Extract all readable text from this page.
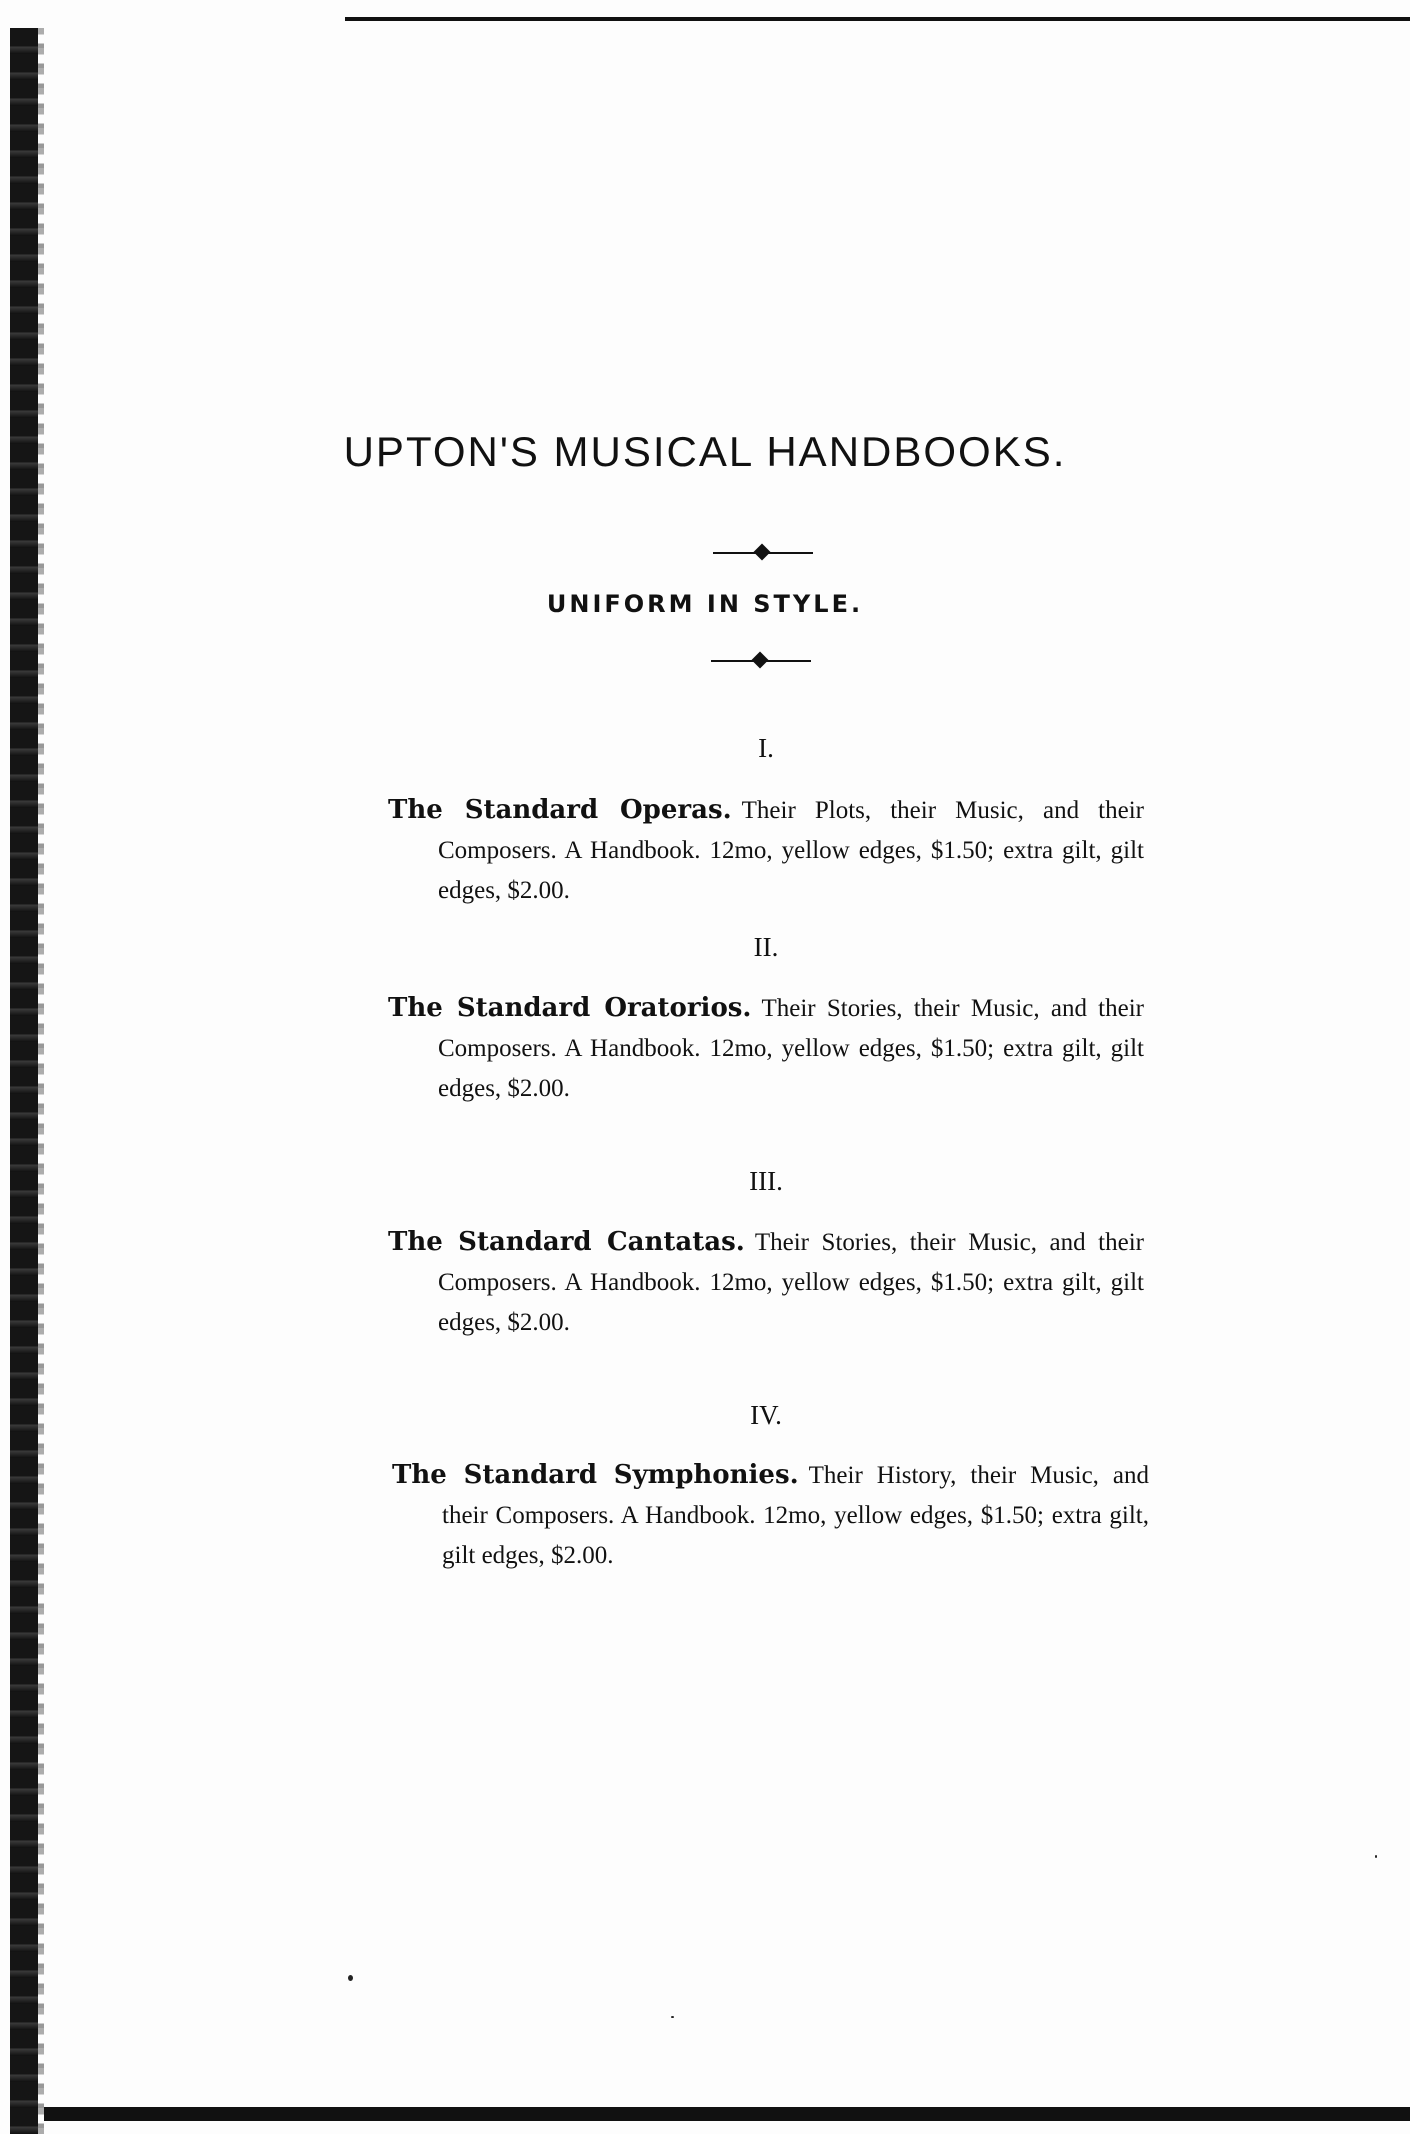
UPTON'S MUSICAL HANDBOOKS.
UNIFORM IN STYLE.
I.

The Standard Operas. Their Plots, their Music, and their Composers. A Handbook. 12mo, yellow edges, $1.50; extra gilt, gilt edges, $2.00.

II.

The Standard Oratorios. Their Stories, their Music, and their Composers. A Handbook. 12mo, yellow edges, $1.50; extra gilt, gilt edges, $2.00.

III.

The Standard Cantatas. Their Stories, their Music, and their Composers. A Handbook. 12mo, yellow edges, $1.50; extra gilt, gilt edges, $2.00.

IV.

The Standard Symphonies. Their History, their Music, and their Composers. A Handbook. 12mo, yellow edges, $1.50; extra gilt, gilt edges, $2.00.
